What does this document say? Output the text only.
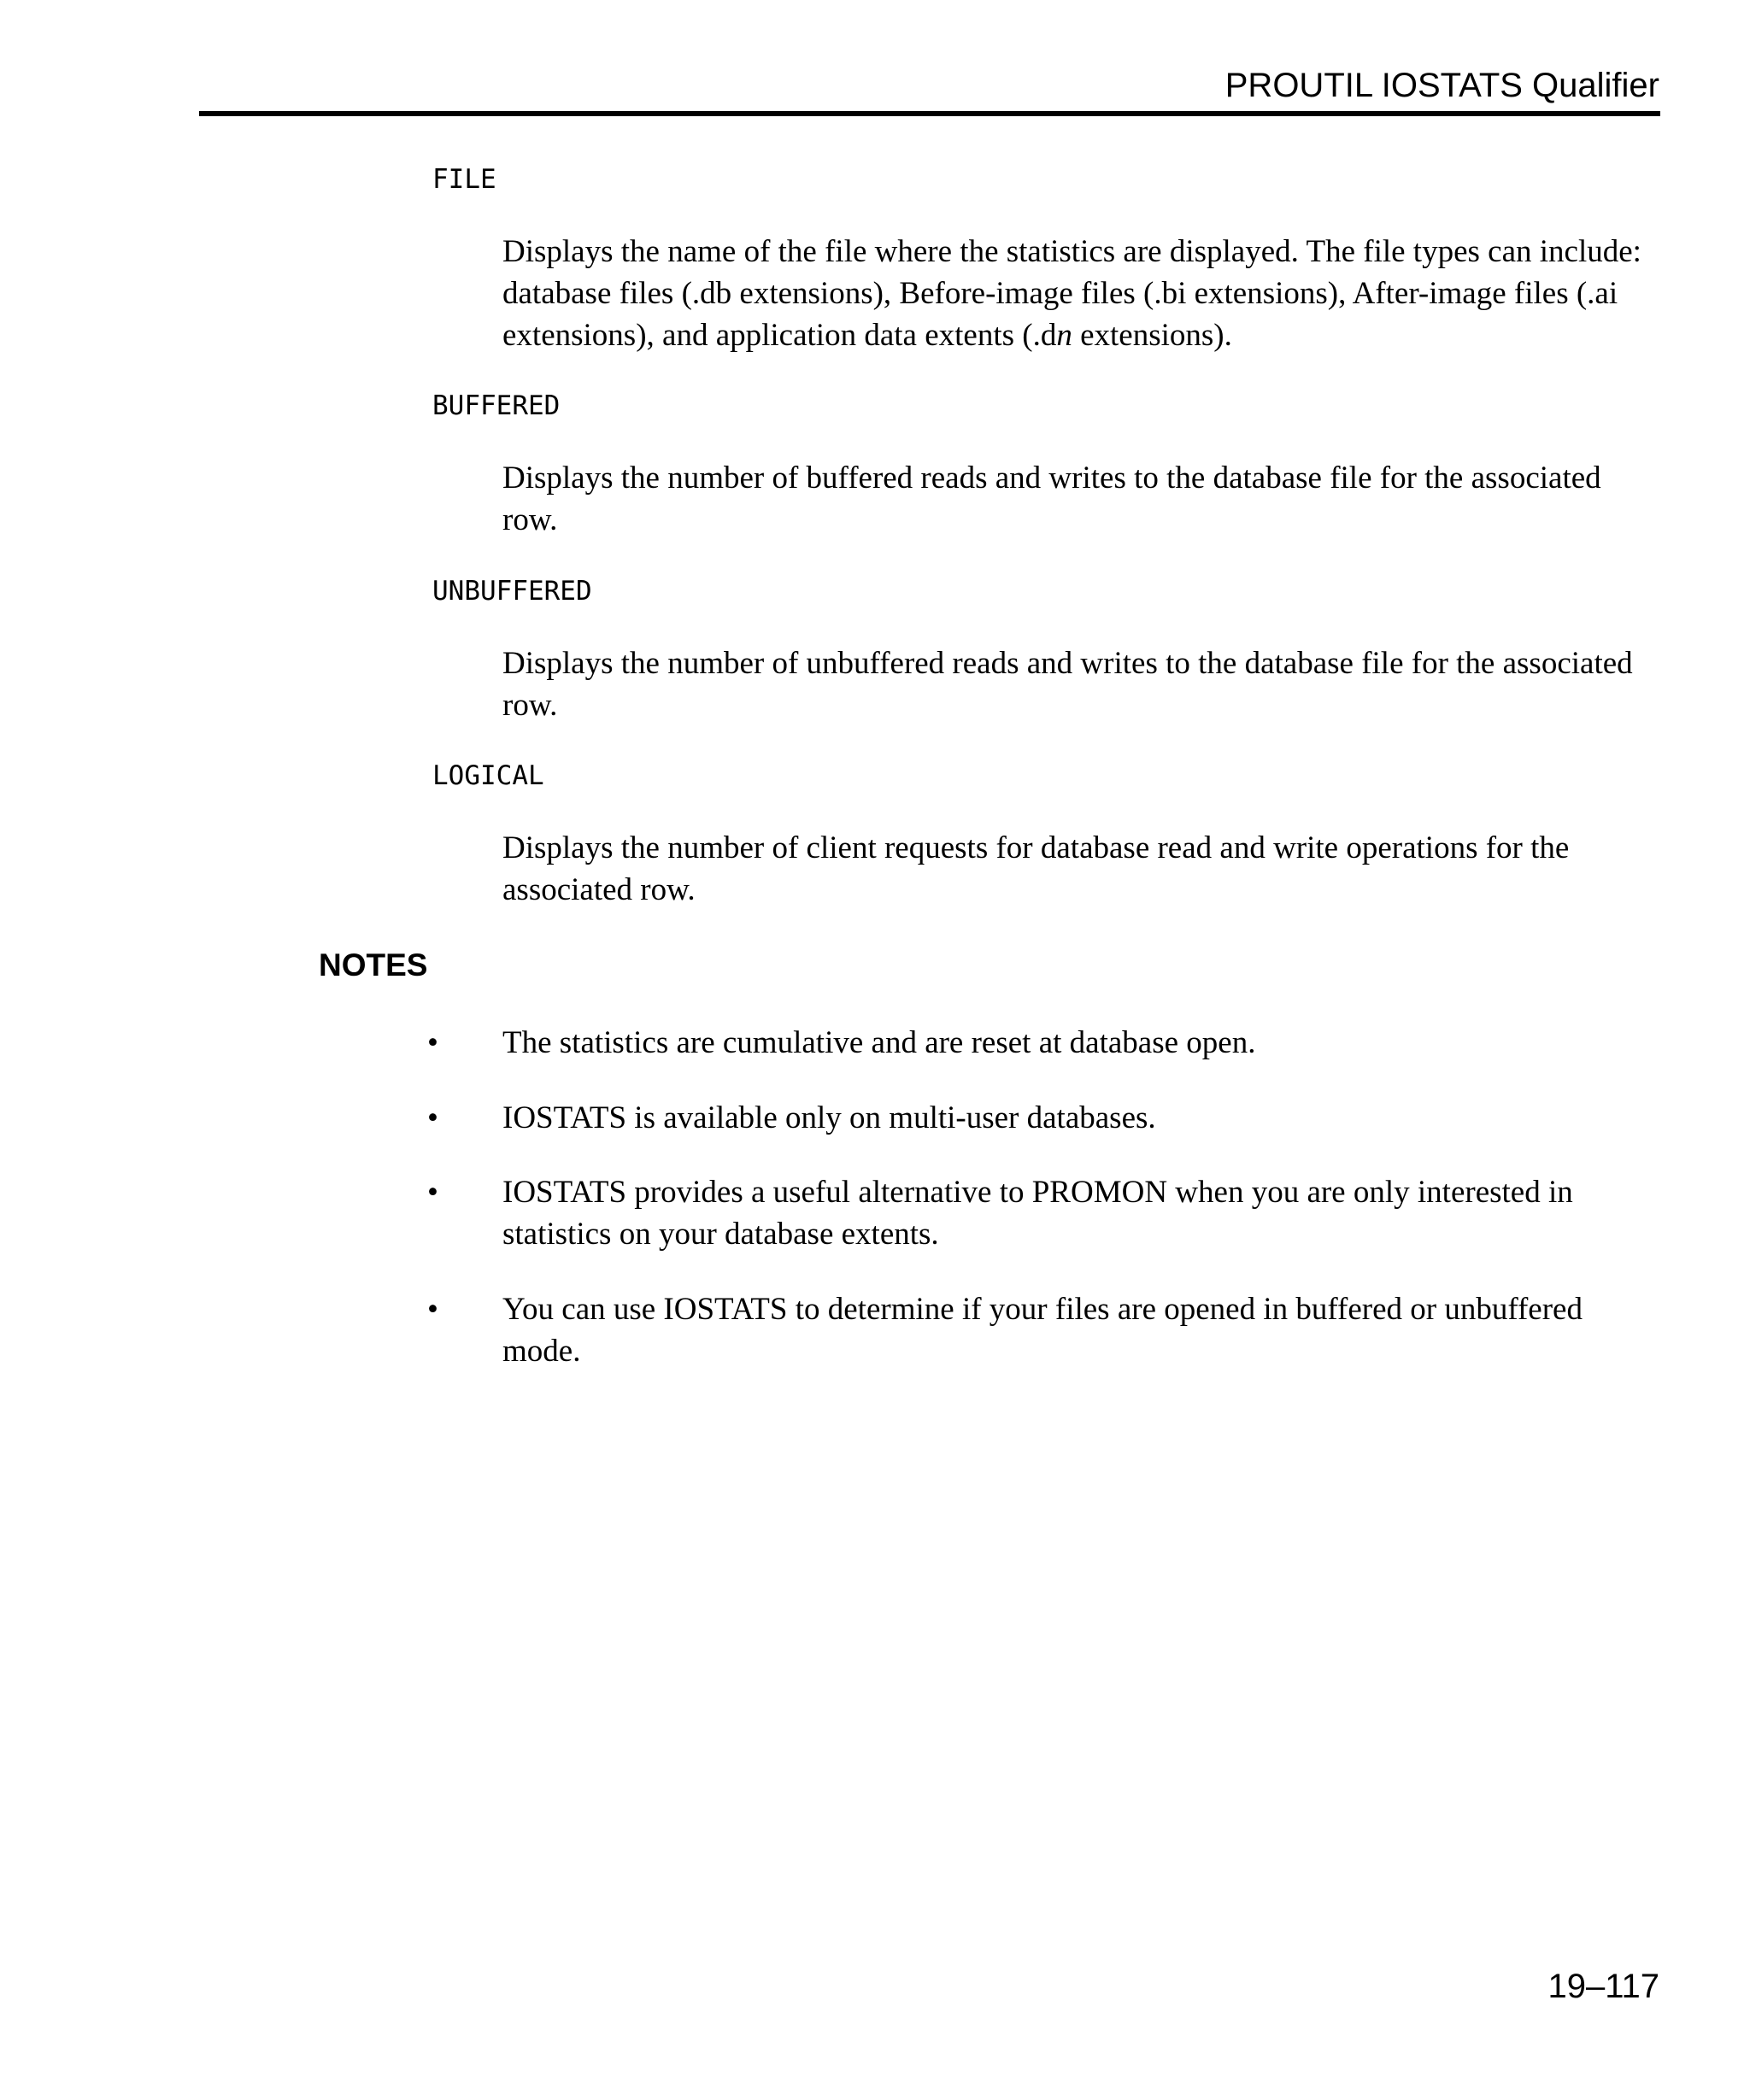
PROUTIL IOSTATS Qualifier
FILE
Displays the name of the file where the statistics are displayed. The file types can include:
database files (.db extensions), Before-image files (.bi extensions), After-image files (.ai
extensions), and application data extents (.dn extensions).
BUFFERED
Displays the number of buffered reads and writes to the database file for the associated
row.
UNBUFFERED
Displays the number of unbuffered reads and writes to the database file for the associated
row.
LOGICAL
Displays the number of client requests for database read and write operations for the
associated row.
NOTES
• The statistics are cumulative and are reset at database open.
• IOSTATS is available only on multi-user databases.
• IOSTATS provides a useful alternative to PROMON when you are only interested in
statistics on your database extents.
• You can use IOSTATS to determine if your files are opened in buffered or unbuffered
mode.
19–117
